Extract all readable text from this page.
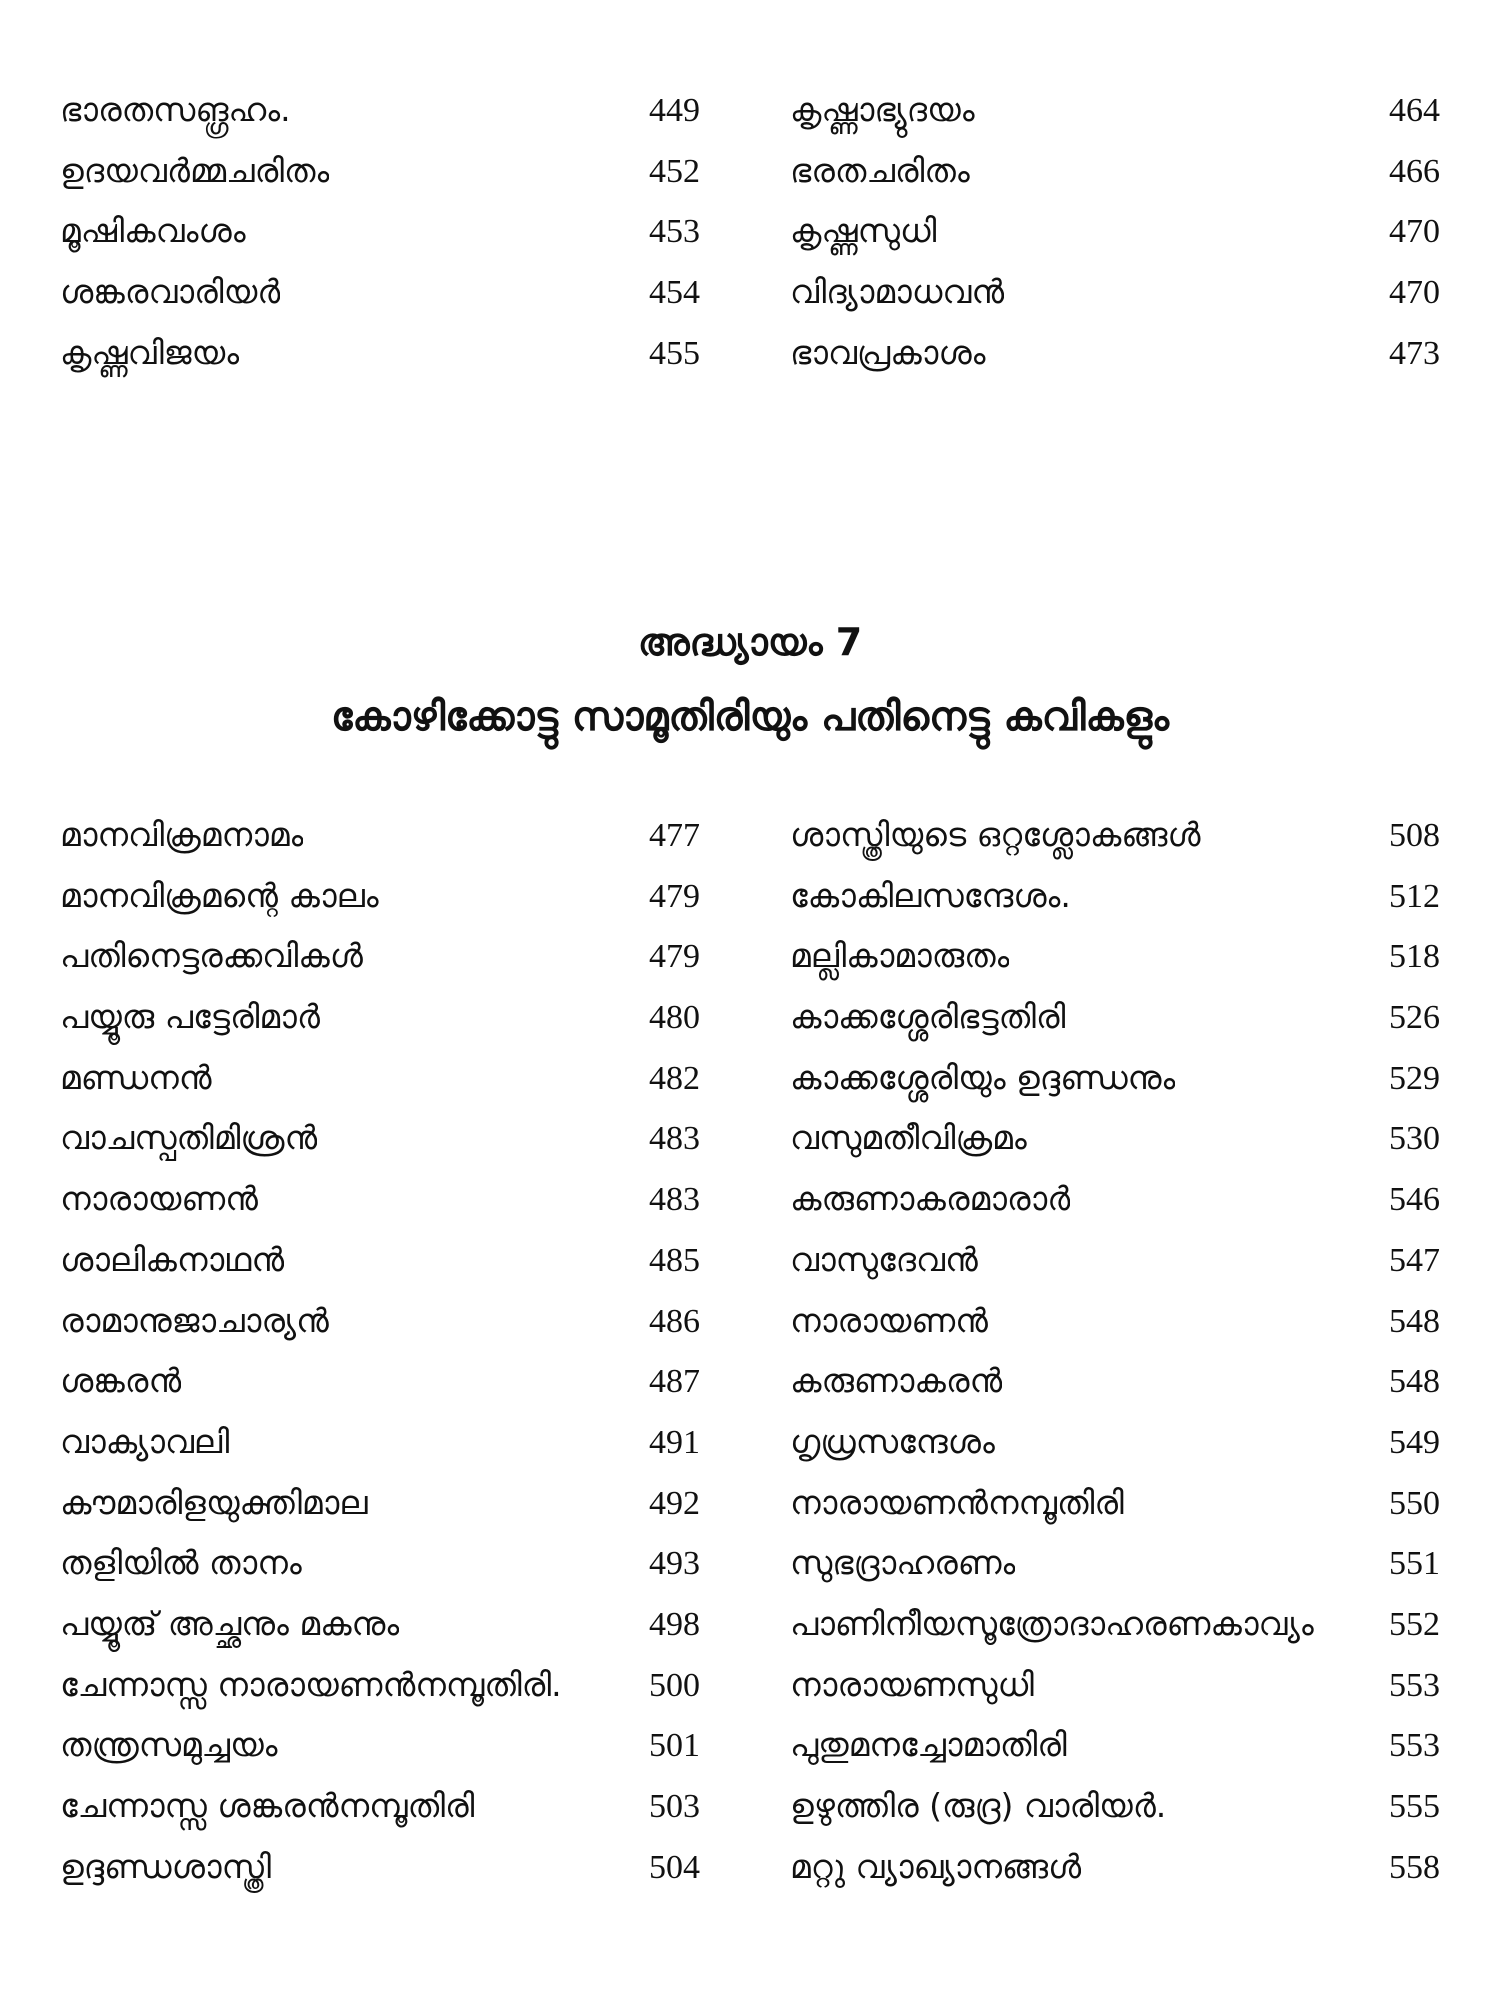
ഭാരതസങ്ഗ്രഹം.	449
ഉദയവർമ്മചരിതം	452
മൂഷികവംശം	453
ശങ്കരവാരിയർ	454
കൃഷ്ണവിജയം	455
കൃഷ്ണാഭ്യുദയം	464
ഭരതചരിതം	466
കൃഷ്ണസുധി	470
വിദ്യാമാധവൻ	470
ഭാവപ്രകാശം	473
അദ്ധ്യായം 7
കോഴിക്കോട്ടു സാമൂതിരിയും പതിനെട്ടു കവികളും
മാനവിക്രമനാമം	477
മാനവിക്രമന്റെ കാലം	479
പതിനെട്ടരക്കവികൾ	479
പയ്യൂരു പട്ടേരിമാർ	480
മണ്ഡനൻ	482
വാചസ്പതിമിശ്രൻ	483
നാരായണൻ	483
ശാലികനാഥൻ	485
രാമാനുജാചാര്യൻ	486
ശങ്കരൻ	487
വാക്യാവലി	491
കൗമാരിളയുക്തിമാല	492
തളിയിൽ താനം	493
പയ്യൂരു് അച്ഛനും മകനും	498
ചേന്നാസ്സ നാരായണൻനമ്പൂതിരി.	500
തന്ത്രസമുച്ചയം	501
ചേന്നാസ്സ ശങ്കരൻനമ്പൂതിരി	503
ഉദ്ദണ്ഡശാസ്ത്രി	504
ശാസ്ത്രിയുടെ ഒറ്റശ്ലോകങ്ങൾ	508
കോകിലസന്ദേശം.	512
മല്ലികാമാരുതം	518
കാക്കശ്ശേരിഭട്ടതിരി	526
കാക്കശ്ശേരിയും ഉദ്ദണ്ഡനും	529
വസുമതീവിക്രമം	530
കരുണാകരമാരാർ	546
വാസുദേവൻ	547
നാരായണൻ	548
കരുണാകരൻ	548
ഗൃധ്രസന്ദേശം	549
നാരായണൻനമ്പൂതിരി	550
സുഭദ്രാഹരണം	551
പാണിനീയസൂത്രോദാഹരണകാവ്യം	552
നാരായണസുധി	553
പുതുമനച്ചോമാതിരി	553
ഉഴുത്തിര (രുദ്ര) വാരിയർ.	555
മറ്റു വ്യാഖ്യാനങ്ങൾ	558
